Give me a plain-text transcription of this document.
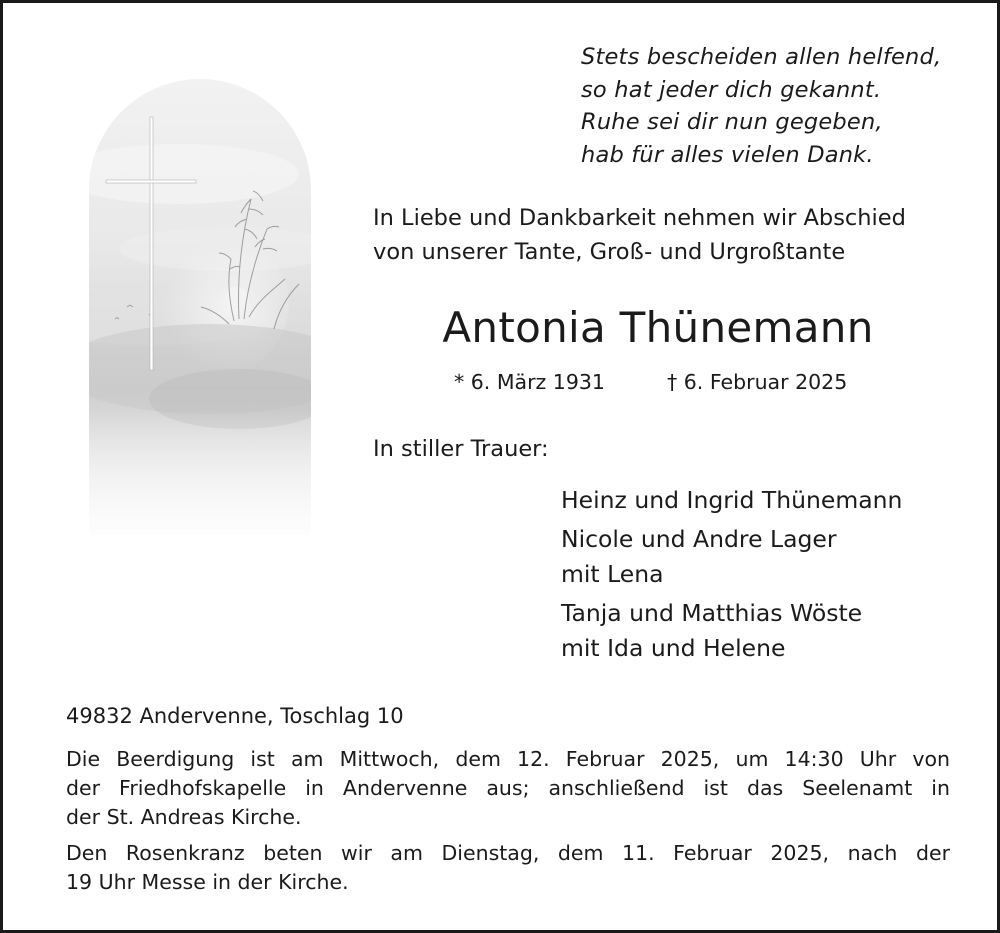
Stets bescheiden allen helfend,
so hat jeder dich gekannt.
Ruhe sei dir nun gegeben,
hab für alles vielen Dank.
In Liebe und Dankbarkeit nehmen wir Abschied
von unserer Tante, Groß- und Urgroßtante
Antonia Thünemann
* 6. März 1931	† 6. Februar 2025
In stiller Trauer:
Heinz und Ingrid Thünemann
Nicole und Andre Lager
mit Lena
Tanja und Matthias Wöste
mit Ida und Helene
49832 Andervenne, Toschlag 10
Die Beerdigung ist am Mittwoch, dem 12. Februar 2025, um 14:30 Uhr von
der Friedhofskapelle in Andervenne aus; anschließend ist das Seelenamt in
der St. Andreas Kirche.
Den Rosenkranz beten wir am Dienstag, dem 11. Februar 2025, nach der
19 Uhr Messe in der Kirche.
